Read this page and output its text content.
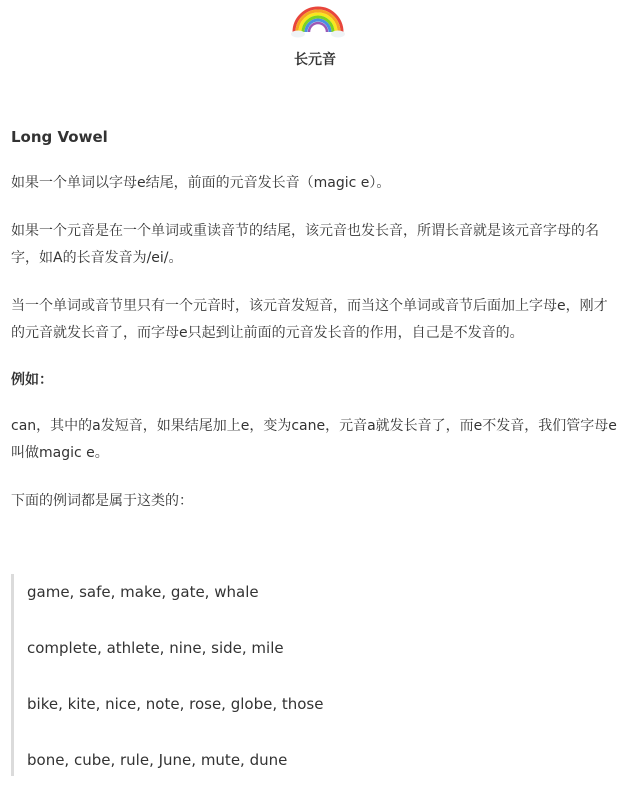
长元音

Long Vowel

如果一个单词以字母e结尾，前面的元音发长音（magic e）。

如果一个元音是在一个单词或重读音节的结尾，该元音也发长音，所谓长音就是该元音字母的名字，如A的长音发音为/ei/。

当一个单词或音节里只有一个元音时，该元音发短音，而当这个单词或音节后面加上字母e，刚才的元音就发长音了，而字母e只起到让前面的元音发长音的作用，自己是不发音的。

例如：

can，其中的a发短音，如果结尾加上e，变为cane，元音a就发长音了，而e不发音，我们管字母e叫做magic e。

下面的例词都是属于这类的：

game, safe, make, gate, whale

complete, athlete, nine, side, mile

bike, kite, nice, note, rose, globe, those

bone, cube, rule, June, mute, dune
